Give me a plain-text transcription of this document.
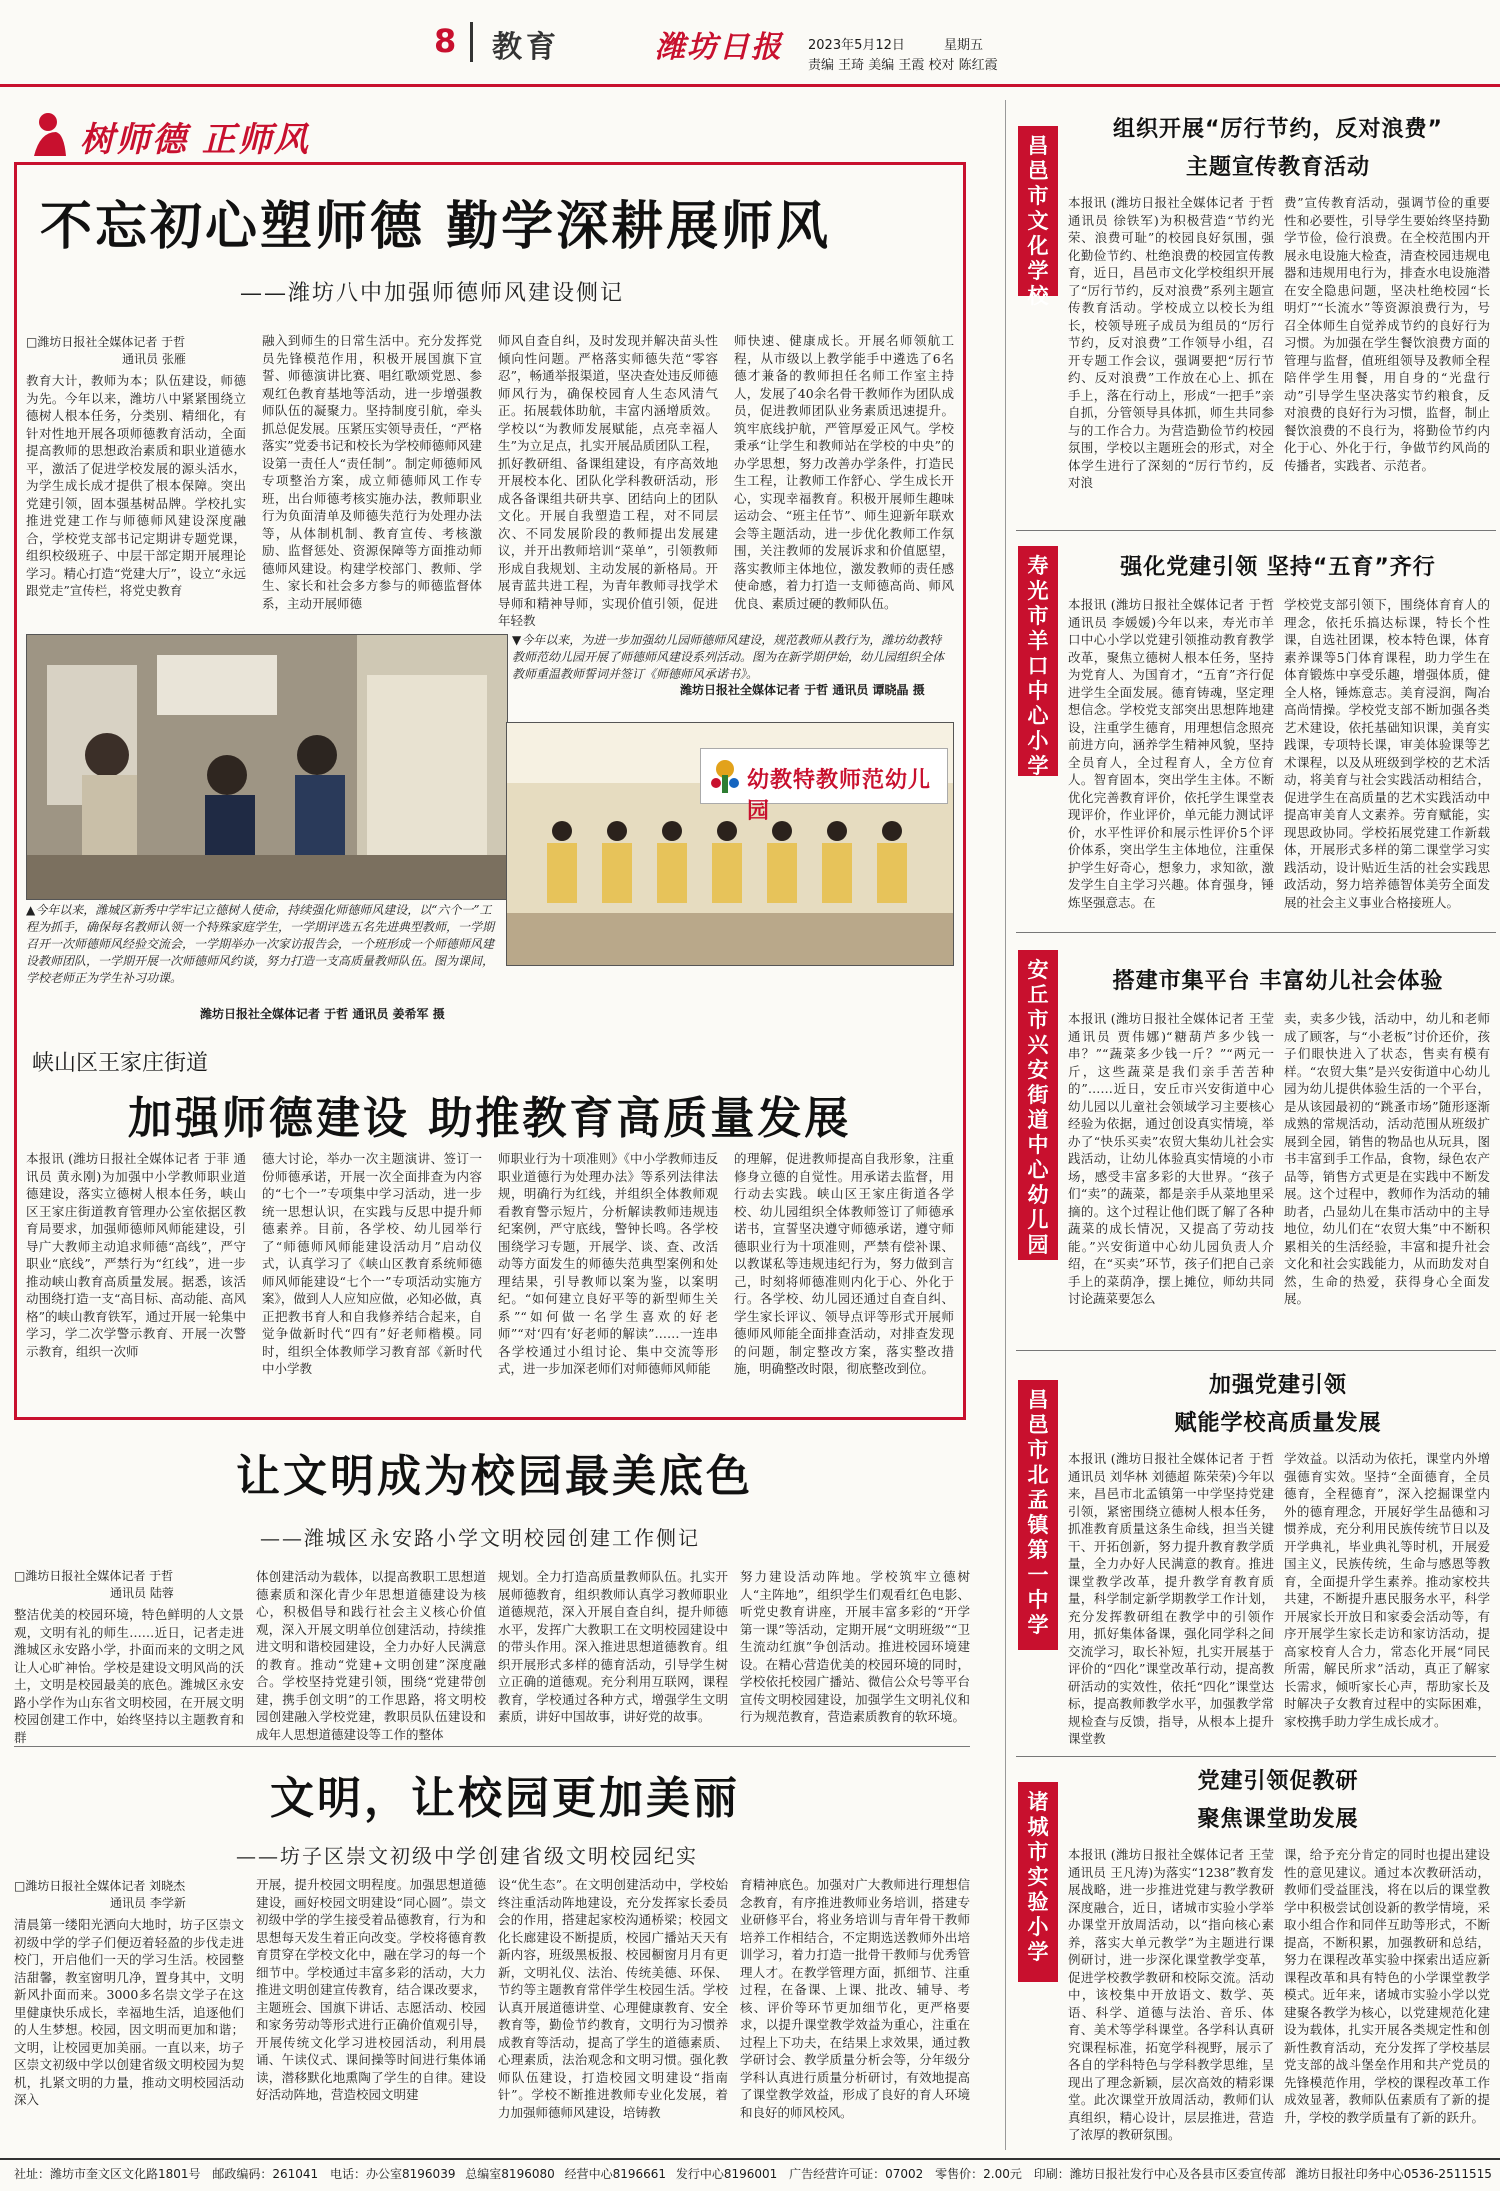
8 教育	潍坊日报 2023年5月12日	星期五
责编 王琦 美编 王霞 校对 陈红霞
树师德 正师风
不忘初心塑师德 勤学深耕展师风
——潍坊八中加强师德师风建设侧记
□潍坊日报社全媒体记者 于哲
通讯员 张雁
教育大计，教师为本；队伍建设，师德为先。今年以来，潍坊八中紧紧围绕立德树人根本任务，分类别、精细化，有针对性地开展各项师德教育活动，全面提高教师的思想政治素质和职业道德水平，激活了促进学校发展的源头活水，为学生成长成才提供了根本保障。突出党建引领，固本强基树品牌。学校扎实推进党建工作与师德师风建设深度融合，学校党支部书记定期讲专题党课，组织校级班子、中层干部定期开展理论学习。精心打造“党建大厅”，设立“永远跟党走”宣传栏，将党史教育
融入到师生的日常生活中。充分发挥党员先锋模范作用，积极开展国旗下宣誓、师德演讲比赛、唱红歌颂党恩、参观红色教育基地等活动，进一步增强教师队伍的凝聚力。坚持制度引航，牵头抓总促发展。压紧压实领导责任，“严格落实”党委书记和校长为学校师德师风建设第一责任人“责任制”。制定师德师风专项整治方案，成立师德师风工作专班，出台师德考核实施办法，教师职业行为负面清单及师德失范行为处理办法等，从体制机制、教育宣传、考核激励、监督惩处、资源保障等方面推动师德师风建设。构建学校部门、教师、学生、家长和社会多方参与的师德监督体系，主动开展师德
师风自查自纠，及时发现并解决苗头性倾向性问题。严格落实师德失范“零容忍”，畅通举报渠道，坚决查处违反师德师风行为，确保校园育人生态风清气正。拓展载体助航，丰富内涵增质效。学校以“为教师发展赋能，点亮幸福人生”为立足点，扎实开展品质团队工程，抓好教研组、备课组建设，有序高效地开展校本化、团队化学科教研活动，形成各备课组共研共享、团结向上的团队文化。开展自我塑造工程，对不同层次、不同发展阶段的教师提出发展建议，并开出教师培训“菜单”，引领教师形成自我规划、主动发展的新格局。开展青蓝共进工程，为青年教师寻找学术导师和精神导师，实现价值引领，促进年轻教
师快速、健康成长。开展名师领航工程，从市级以上教学能手中遴选了6名德才兼备的教师担任名师工作室主持人，发展了40余名骨干教师作为团队成员，促进教师团队业务素质迅速提升。筑牢底线护航，严管厚爱正风气。学校秉承“让学生和教师站在学校的中央”的办学思想，努力改善办学条件，打造民生工程，让教师工作舒心、学生成长开心，实现幸福教育。积极开展师生趣味运动会、“班主任节”、师生迎新年联欢会等主题活动，进一步优化教师工作氛围，关注教师的发展诉求和价值愿望，落实教师主体地位，激发教师的责任感使命感，着力打造一支师德高尚、师风优良、素质过硬的教师队伍。
幼教特教师范幼儿园
▼今年以来，为进一步加强幼儿园师德师风建设，规范教师从教行为，潍坊幼教特教师范幼儿园开展了师德师风建设系列活动。图为在新学期伊始，幼儿园组织全体教师重温教师誓词并签订《师德师风承诺书》。
潍坊日报社全媒体记者 于哲 通讯员 谭晓晶 摄
▲今年以来，潍城区新秀中学牢记立德树人使命，持续强化师德师风建设，以“六个一”工程为抓手，确保每名教师认领一个特殊家庭学生，一学期评选五名先进典型教师，一学期召开一次师德师风经验交流会，一学期举办一次家访报告会，一个班形成一个师德师风建设教师团队，一学期开展一次师德师风约谈，努力打造一支高质量教师队伍。图为课间，学校老师正为学生补习功课。
潍坊日报社全媒体记者 于哲 通讯员 姜希军 摄
峡山区王家庄街道
加强师德建设 助推教育高质量发展
本报讯 (潍坊日报社全媒体记者 于菲 通讯员 黄永刚)为加强中小学教师职业道德建设，落实立德树人根本任务，峡山区王家庄街道教育管理办公室依据区教育局要求，加强师德师风师能建设，引导广大教师主动追求师德“高线”，严守职业“底线”，严禁行为“红线”，进一步推动峡山教育高质量发展。据悉，该活动围绕打造一支“高目标、高动能、高风格”的峡山教育铁军，通过开展一轮集中学习，学二次学警示教育、开展一次警示教育，组织一次师
德大讨论，举办一次主题演讲、签订一份师德承诺，开展一次全面排查为内容的“七个一”专项集中学习活动，进一步统一思想认识，在实践与反思中提升师德素养。目前，各学校、幼儿园举行了“师德师风师能建设活动月”启动仪式，认真学习了《峡山区教育系统师德师风师能建设“七个一”专项活动实施方案》，做到人人应知应做，必知必做，真正把教书育人和自我修养结合起来，自觉争做新时代“四有”好老师楷模。同时，组织全体教师学习教育部《新时代中小学教
师职业行为十项准则》《中小学教师违反职业道德行为处理办法》等系列法律法规，明确行为红线，并组织全体教师观看教育警示短片，分析解读教师违规违纪案例，严守底线，警钟长鸣。各学校围绕学习专题，开展学、谈、查、改活动等方面发生的师德失范典型案例和处理结果，引导教师以案为鉴，以案明纪。“如何建立良好平等的新型师生关系”“如何做一名学生喜欢的好老师”“对‘四有’好老师的解读”……一连串各学校通过小组讨论、集中交流等形式，进一步加深老师们对师德师风师能
的理解，促进教师提高自我形象，注重修身立德的自觉性。用承诺去监督，用行动去实践。峡山区王家庄街道各学校、幼儿园组织全体教师签订了师德承诺书，宣誓坚决遵守师德承诺，遵守师德职业行为十项准则，严禁有偿补课、以教谋私等违规违纪行为，努力做到言己，时刻将师德准则内化于心、外化于行。各学校、幼儿园还通过自查自纠、学生家长评议、领导点评等形式开展师德师风师能全面排查活动，对排查发现的问题，制定整改方案，落实整改措施，明确整改时限，彻底整改到位。
让文明成为校园最美底色
——潍城区永安路小学文明校园创建工作侧记
□潍坊日报社全媒体记者 于哲
通讯员 陆蓉
整洁优美的校园环境，特色鲜明的人文景观，文明有礼的师生……近日，记者走进潍城区永安路小学，扑面而来的文明之风让人心旷神怡。学校是建设文明风尚的沃土，文明是校园最美的底色。潍城区永安路小学作为山东省文明校园，在开展文明校园创建工作中，始终坚持以主题教育和群
体创建活动为载体，以提高教职工思想道德素质和深化青少年思想道德建设为核心，积极倡导和践行社会主义核心价值观，深入开展文明单位创建活动，持续推进文明和谐校园建设，全力办好人民满意的教育。推动“党建+文明创建”深度融合。学校坚持党建引领，围绕“党建带创建，携手创文明”的工作思路，将文明校园创建融入学校党建，教职员队伍建设和成年人思想道德建设等工作的整体
规划。全力打造高质量教师队伍。扎实开展师德教育，组织教师认真学习教师职业道德规范，深入开展自查自纠，提升师德水平，发挥广大教职工在文明校园建设中的带头作用。深入推进思想道德教育。组织开展形式多样的德育活动，引导学生树立正确的道德观。充分利用互联网，课程教育，学校通过各种方式，增强学生文明素质，讲好中国故事，讲好党的故事。
努力建设活动阵地。学校筑牢立德树人“主阵地”，组织学生们观看红色电影、听党史教育讲座，开展丰富多彩的“开学第一课”等活动，定期开展“文明班级”“卫生流动红旗”争创活动。推进校园环境建设。在精心营造优美的校园环境的同时，学校依托校园广播站、微信公众号等平台宣传文明校园建设，加强学生文明礼仪和行为规范教育，营造素质教育的软环境。
文明，让校园更加美丽
——坊子区崇文初级中学创建省级文明校园纪实
□潍坊日报社全媒体记者 刘晓杰
通讯员 李学新
清晨第一缕阳光洒向大地时，坊子区崇文初级中学的学子们便迈着轻盈的步伐走进校门，开启他们一天的学习生活。校园整洁甜馨，教室窗明几净，置身其中，文明新风扑面而来。3000多名崇文学子在这里健康快乐成长，幸福地生活，追逐他们的人生梦想。校园，因文明而更加和谐；文明，让校园更加美丽。一直以来，坊子区崇文初级中学以创建省级文明校园为契机，扎紧文明的力量，推动文明校园活动深入
开展，提升校园文明程度。加强思想道德建设，画好校园文明建设“同心圆”。崇文初级中学的学生接受着品德教育，行为和思想每天发生着正向改变。学校将德育教育贯穿在学校文化中，融在学习的每一个细节中。学校通过丰富多彩的活动，大力推进文明创建宣传教育，结合课改要求，主题班会、国旗下讲话、志愿活动、校园和家务劳动等形式进行正确价值观引导，开展传统文化学习进校园活动，利用晨诵、午读仪式、课间操等时间进行集体诵读，潜移默化地熏陶了学生的自律。建设好活动阵地，营造校园文明建
设“优生态”。在文明创建活动中，学校始终注重活动阵地建设，充分发挥家长委员会的作用，搭建起家校沟通桥梁；校园文化长廊建设不断提质，校园广播站天天有新内容，班级黑板报、校园橱窗月月有更新，文明礼仪、法治、传统美德、环保、节约等主题教育常伴学生校园生活。学校认真开展道德讲堂、心理健康教育、安全教育等，勤俭节约教育，文明行为习惯养成教育等活动，提高了学生的道德素质、心理素质，法治观念和文明习惯。强化教师队伍建设，打造校园文明建设“指南针”。学校不断推进教师专业化发展，着力加强师德师风建设，培铸教
育精神底色。加强对广大教师进行理想信念教育，有序推进教师业务培训，搭建专业研修平台，将业务培训与青年骨干教师培养工作相结合，不定期选送教师外出培训学习，着力打造一批骨干教师与优秀管理人才。在教学管理方面，抓细节、注重过程，在备课、上课、批改、辅导、考核、评价等环节更加细节化，更严格要求，以提升课堂教学效益为重心，注重在过程上下功夫，在结果上求效果，通过教学研讨会、教学质量分析会等，分年级分学科认真进行质量分析研讨，有效地提高了课堂教学效益，形成了良好的育人环境和良好的师风校风。
昌邑市文化学校
组织开展“厉行节约，反对浪费”
主题宣传教育活动
本报讯 (潍坊日报社全媒体记者 于哲 通讯员 徐铁军)为积极营造“节约光荣、浪费可耻”的校园良好氛围，强化勤俭节约、杜绝浪费的校园宣传教育，近日，昌邑市文化学校组织开展了“厉行节约，反对浪费”系列主题宣传教育活动。学校成立以校长为组长，校领导班子成员为组员的“厉行节约，反对浪费”工作领导小组，召开专题工作会议，强调要把“厉行节约、反对浪费”工作放在心上、抓在手上，落在行动上，形成“一把手”亲自抓，分管领导具体抓，师生共同参与的工作合力。为营造勤俭节约校园氛围，学校以主题班会的形式，对全体学生进行了深刻的“厉行节约，反对浪
费”宣传教育活动，强调节俭的重要性和必要性，引导学生要始终坚持勤学节俭，俭行浪费。在全校范围内开展永电设施大检查，清查校园违规电器和违规用电行为，排查水电设施潜在安全隐患问题，坚决杜绝校园“长明灯”“长流水”等资源浪费行为，号召全体师生自觉养成节约的良好行为习惯。为加强在学生餐饮浪费方面的管理与监督，值班组领导及教师全程陪伴学生用餐，用自身的“光盘行动”引导学生坚决落实节约粮食，反对浪费的良好行为习惯，监督，制止餐饮浪费的不良行为，将勤俭节约内化于心、外化于行，争做节约风尚的传播者，实践者、示范者。
寿光市羊口中心小学
强化党建引领 坚持“五育”齐行
本报讯 (潍坊日报社全媒体记者 于哲 通讯员 李媛媛)今年以来，寿光市羊口中心小学以党建引领推动教育教学改革，聚焦立德树人根本任务，坚持为党育人、为国育才，“五育”齐行促进学生全面发展。德育铸魂，坚定理想信念。学校党支部突出思想阵地建设，注重学生德育，用理想信念照亮前进方向，涵养学生精神风貌，坚持全员育人，全过程育人，全方位育人。智育固本，突出学生主体。不断优化完善教育评价，依托学生课堂表现评价，作业评价，单元能力测试评价，水平性评价和展示性评价5个评价体系，突出学生主体地位，注重保护学生好奇心，想象力，求知欲，激发学生自主学习兴趣。体育强身，锤炼坚强意志。在
学校党支部引领下，围绕体育育人的理念，依托乐搞达标课，特长个性课，自选社团课，校本特色课，体育素养课等5门体育课程，助力学生在体育锻炼中享受乐趣，增强体质，健全人格，锤炼意志。美育浸润，陶冶高尚情操。学校党支部不断加强各类艺术建设，依托基础知识课，美育实践课，专项特长课，审美体验课等艺术课程，以及从班级到学校的艺术活动，将美育与社会实践活动相结合，促进学生在高质量的艺术实践活动中提高审美育人文素养。劳育赋能，实现思政协同。学校拓展党建工作新载体，开展形式多样的第二课堂学习实践活动，设计贴近生活的社会实践思政活动，努力培养德智体美劳全面发展的社会主义事业合格接班人。
安丘市兴安街道中心幼儿园
搭建市集平台 丰富幼儿社会体验
本报讯 (潍坊日报社全媒体记者 王莹 通讯员 贾伟娜)“糖葫芦多少钱一串？”“蔬菜多少钱一斤？”“两元一斤，这些蔬菜是我们亲手苦苦种的”……近日，安丘市兴安街道中心幼儿园以儿童社会领域学习主要核心经验为依据，通过创设真实情境，举办了“快乐买卖”农贸大集幼儿社会实践活动，让幼儿体验真实情境的小市场，感受丰富多彩的大世界。“孩子们“卖”的蔬菜，都是亲手从菜地里采摘的。这个过程让他们既了解了各种蔬菜的成长情况，又提高了劳动技能。”兴安街道中心幼儿园负责人介绍，在“买卖”环节，孩子们把自己亲手上的菜荫净，摆上摊位，师幼共同讨论蔬菜要怎么
卖，卖多少钱，活动中，幼儿和老师成了顾客，与“小老板”讨价还价，孩子们眼快进入了状态，售卖有模有样。“农贸大集”是兴安街道中心幼儿园为幼儿提供体验生活的一个平台，是从该园最初的“跳蚤市场”随形逐渐成熟的常规活动，活动范围从班级扩展到全园，销售的物品也从玩具，图书丰富到手工作品，食物，绿色农产品等，销售方式更是在实践中不断发展。这个过程中，教师作为活动的辅助者，凸显幼儿在集市活动中的主导地位，幼儿们在“农贸大集”中不断积累相关的生活经验，丰富和提升社会文化和社会实践能力，从而助发对自然，生命的热爱，获得身心全面发展。
昌邑市北孟镇第一中学
加强党建引领
赋能学校高质量发展
本报讯 (潍坊日报社全媒体记者 于哲 通讯员 刘华林 刘德超 陈荣荣)今年以来，昌邑市北孟镇第一中学坚持党建引领，紧密围绕立德树人根本任务，抓准教育质量这条生命线，担当关键干、开拓创新，努力提升教育教学质量，全力办好人民满意的教育。推进课堂教学改革，提升教学育教育质量，科学制定新学期教学工作计划，充分发挥教研组在教学中的引领作用，抓好集体备课，强化同学科之间交流学习，取长补短，扎实开展基于评价的“四化”课堂改革行动，提高教研活动的实效性，依托“四化”课堂达标，提高教师教学水平，加强教学常规检查与反馈，指导，从根本上提升课堂教
学效益。以活动为依托，课堂内外增强德育实效。坚持“全面德育，全员德育，全程德育”，深入挖掘课堂内外的德育理念，开展好学生品德和习惯养成，充分利用民族传统节日以及开学典礼，毕业典礼等时机，开展爱国主义，民族传统，生命与感恩等教育，全面提升学生素养。推动家校共共建，不断提升惠民服务水平，科学开展家长开放日和家委会活动等，有序开展学生家长走访和家访活动，提高家校育人合力，常态化开展“同民所需，解民所求”活动，真正了解家长需求，倾听家长心声，帮助家长及时解决子女教育过程中的实际困难，家校携手助力学生成长成才。
诸城市实验小学
党建引领促教研
聚焦课堂助发展
本报讯 (潍坊日报社全媒体记者 王莹 通讯员 王凡涛)为落实“1238”教育发展战略，进一步推进党建与教学教研深度融合，近日，诸城市实验小学举办课堂开放周活动，以“指向核心素养，落实大单元教学”为主题进行课例研讨，进一步深化课堂教学变革，促进学校教学教研和校际交流。活动中，该校集中开放语文、数学、英语、科学、道德与法治、音乐、体育、美术等学科课堂。各学科认真研究课程标准，拓宽学科视野，展示了各自的学科特色与学科教学思维，呈现出了理念新颖，层次高效的精彩课堂。此次课堂开放周活动，教师们认真组织，精心设计，层层推进，营造了浓厚的教研氛围。
课，给予充分肯定的同时也提出建设性的意见建议。通过本次教研活动，教师们受益匪浅，将在以后的课堂教学中积极尝试创设新的教学情境，采取小组合作和同伴互助等形式，不断提高，不断积累，加强教研和总结，努力在课程改革实验中探索出适应新课程改革和具有特色的小学课堂教学模式。近年来，诸城市实验小学以党建聚各教学为核心，以党建规范化建设为载体，扎实开展各类规定性和创新性教育活动，充分发挥了学校基层党支部的战斗堡垒作用和共产党员的先锋模范作用，学校的课程改革工作成效显著，教师队伍素质有了新的提升，学校的教学质量有了新的跃升。
社址：潍坊市奎文区文化路1801号 邮政编码：261041 电话：办公室8196039 总编室8196080 经营中心8196661 发行中心8196001 广告经营许可证：07002 零售价：2.00元 印刷：潍坊日报社发行中心及各县市区委宣传部 潍坊日报社印务中心0536-2511515
